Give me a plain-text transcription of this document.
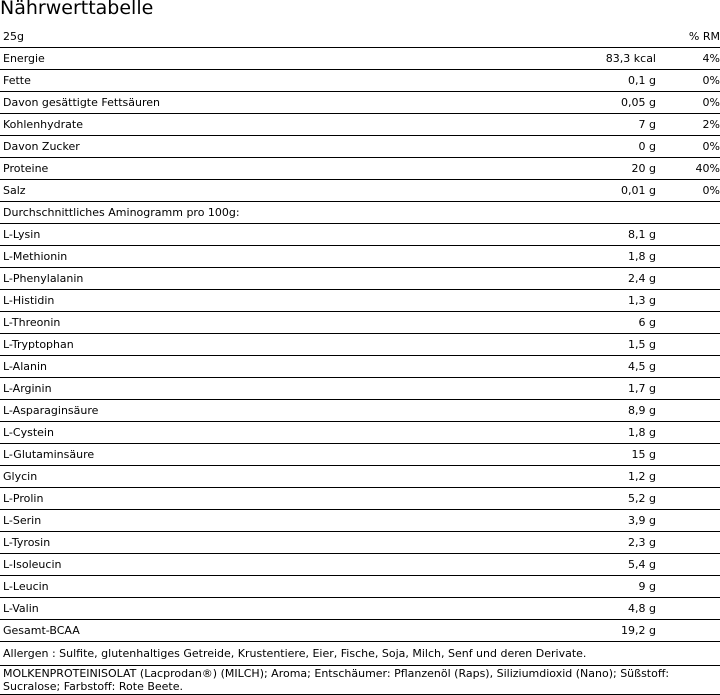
Nährwerttabelle
25g		% RM
Energie	83,3 kcal	4%
Fette	0,1 g	0%
Davon gesättigte Fettsäuren	0,05 g	0%
Kohlenhydrate	7 g	2%
Davon Zucker	0 g	0%
Proteine	20 g	40%
Salz	0,01 g	0%
Durchschnittliches Aminogramm pro 100g:		
L-Lysin	8,1 g	
L-Methionin	1,8 g	
L-Phenylalanin	2,4 g	
L-Histidin	1,3 g	
L-Threonin	6 g	
L-Tryptophan	1,5 g	
L-Alanin	4,5 g	
L-Arginin	1,7 g	
L-Asparaginsäure	8,9 g	
L-Cystein	1,8 g	
L-Glutaminsäure	15 g	
Glycin	1,2 g	
L-Prolin	5,2 g	
L-Serin	3,9 g	
L-Tyrosin	2,3 g	
L-Isoleucin	5,4 g	
L-Leucin	9 g	
L-Valin	4,8 g	
Gesamt-BCAA	19,2 g	
Allergen : Sulfite, glutenhaltiges Getreide, Krustentiere, Eier, Fische, Soja, Milch, Senf und deren Derivate.		
MOLKENPROTEINISOLAT (Lacprodan®) (MILCH); Aroma; Entschäumer: Pflanzenöl (Raps), Siliziumdioxid (Nano); Süßstoff: Sucralose; Farbstoff: Rote Beete.		
